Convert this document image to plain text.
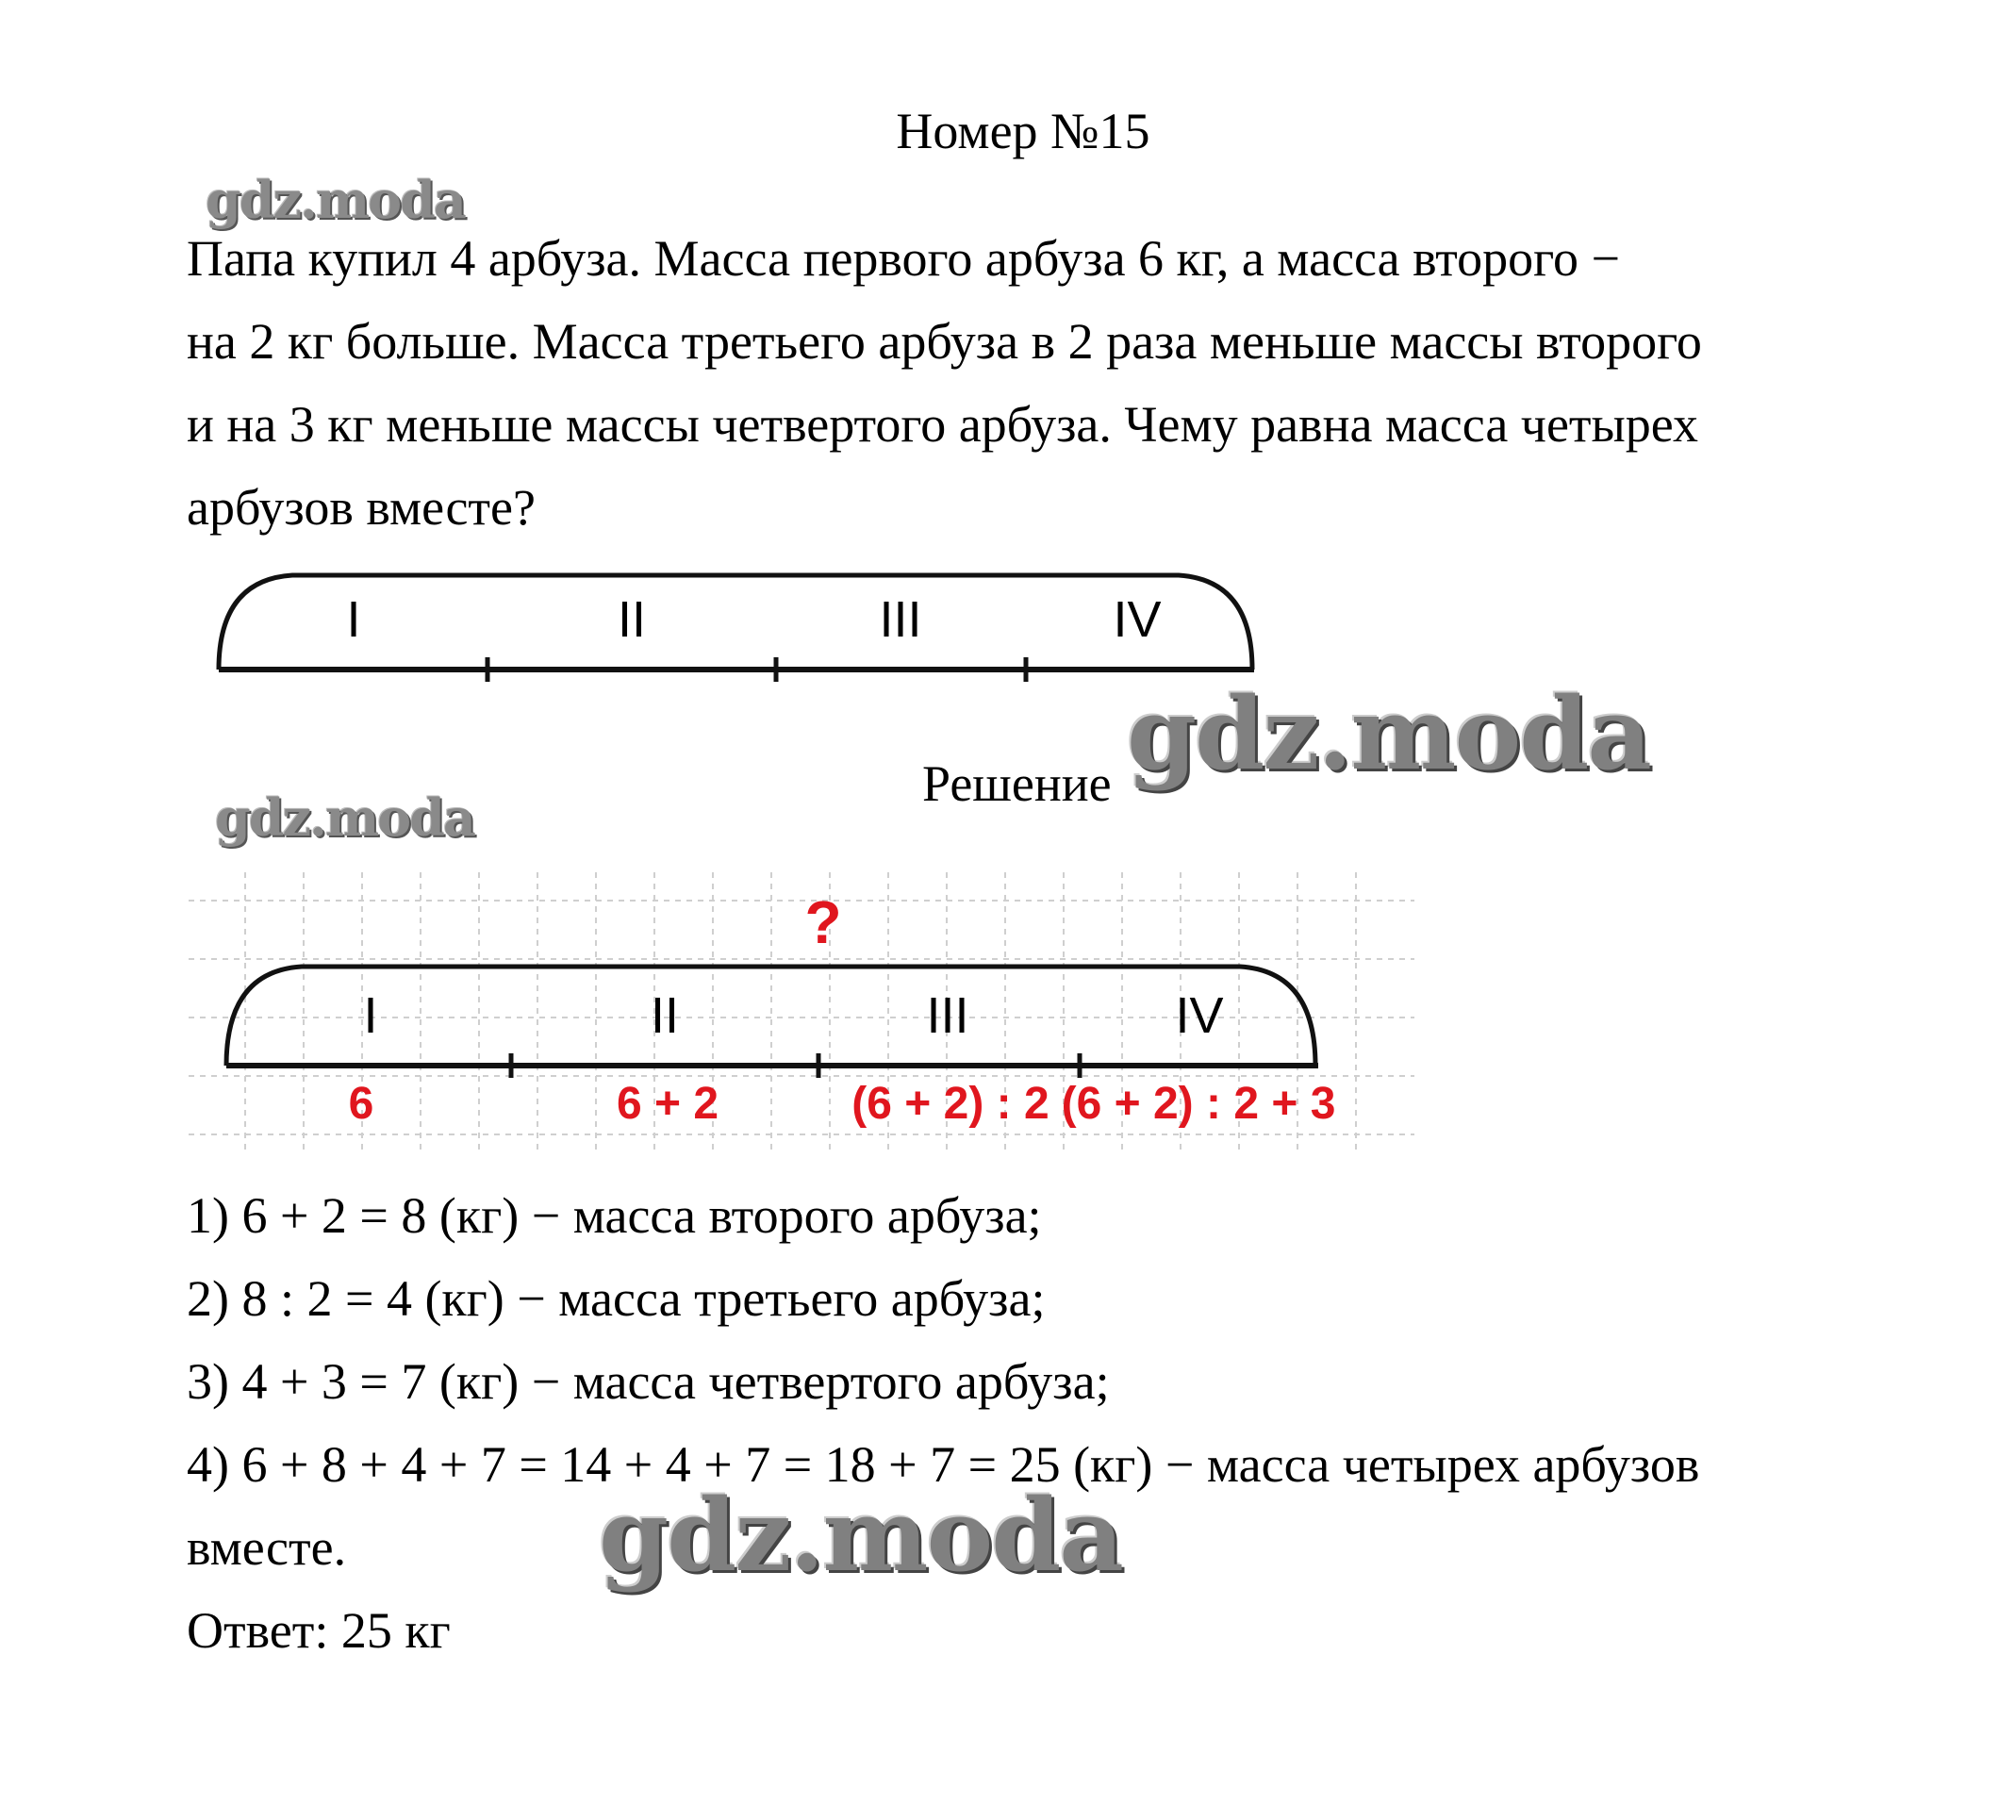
Номер №15
gdz.moda
Папа купил 4 арбуза. Масса первого арбуза 6 кг, а масса второго −
на 2 кг больше. Масса третьего арбуза в 2 раза меньше массы второго
и на 3 кг меньше массы четвертого арбуза. Чему равна масса четырех
арбузов вместе?
I	II	III	IV
Решение gdz.moda
gdz.moda
?
I	II	III	IV
6	6 + 2	(6 + 2) : 2 (6 + 2) : 2 + 3
1) 6 + 2 = 8 (кг) − масса второго арбуза;
2) 8 : 2 = 4 (кг) − масса третьего арбуза;
3) 4 + 3 = 7 (кг) − масса четвертого арбуза;
4) 6 + 8 + 4 + 7 = 14 + 4 + 7 = 18 + 7 = 25 (кг) − масса четырех арбузов
вместе.
Ответ: 25 кг
gdz.moda
